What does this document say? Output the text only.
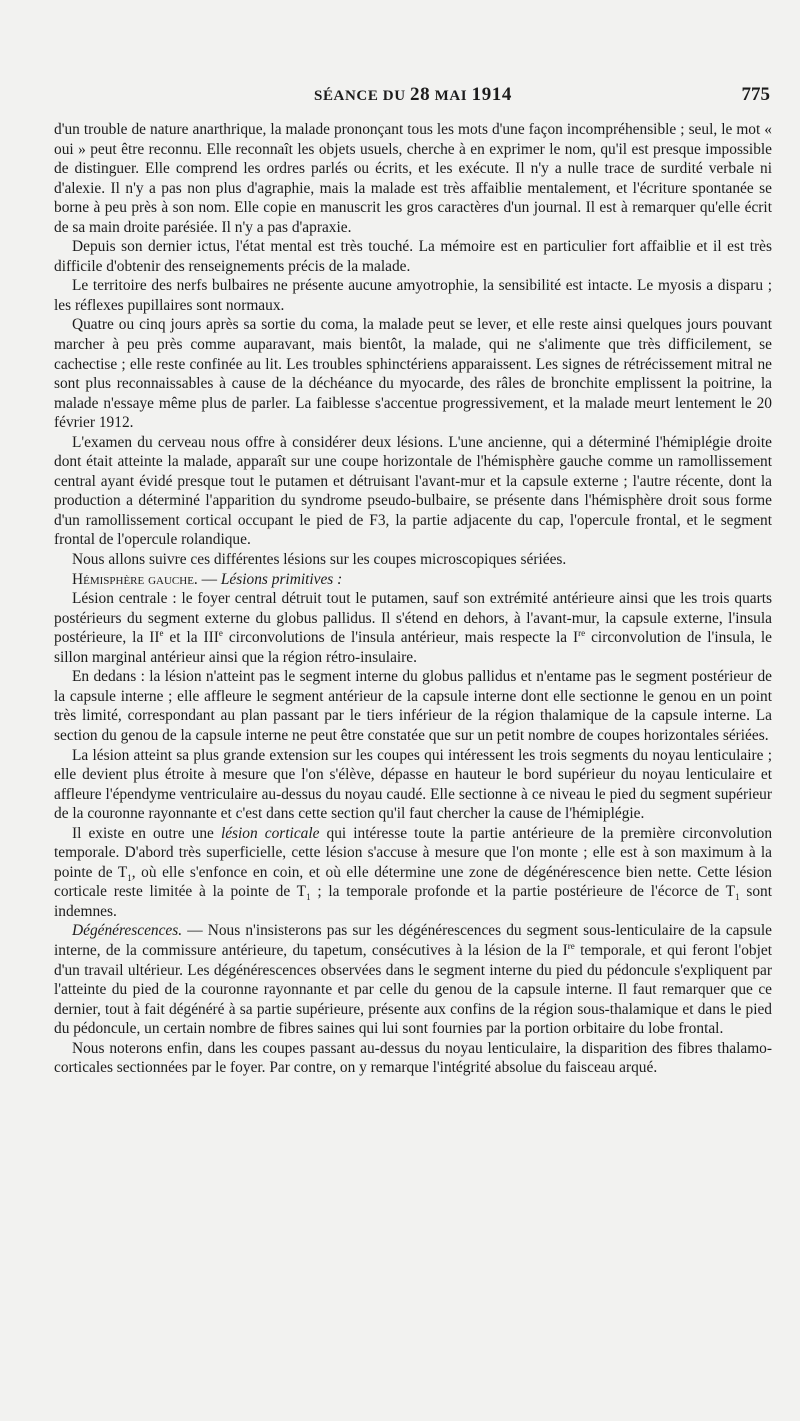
SÉANCE DU 28 MAI 1914	775

d'un trouble de nature anarthrique, la malade prononçant tous les mots d'une façon incompréhensible ; seul, le mot « oui » peut être reconnu. Elle reconnaît les objets usuels, cherche à en exprimer le nom, qu'il est presque impossible de distinguer. Elle comprend les ordres parlés ou écrits, et les exécute. Il n'y a nulle trace de surdité verbale ni d'alexie. Il n'y a pas non plus d'agraphie, mais la malade est très affaiblie mentalement, et l'écriture spontanée se borne à peu près à son nom. Elle copie en manuscrit les gros caractères d'un journal. Il est à remarquer qu'elle écrit de sa main droite parésiée. Il n'y a pas d'apraxie.

Depuis son dernier ictus, l'état mental est très touché. La mémoire est en particulier fort affaiblie et il est très difficile d'obtenir des renseignements précis de la malade.

Le territoire des nerfs bulbaires ne présente aucune amyotrophie, la sensibilité est intacte. Le myosis a disparu ; les réflexes pupillaires sont normaux.

Quatre ou cinq jours après sa sortie du coma, la malade peut se lever, et elle reste ainsi quelques jours pouvant marcher à peu près comme auparavant, mais bientôt, la malade, qui ne s'alimente que très difficilement, se cachectise ; elle reste confinée au lit. Les troubles sphinctériens apparaissent. Les signes de rétrécissement mitral ne sont plus reconnaissables à cause de la déchéance du myocarde, des râles de bronchite emplissent la poitrine, la malade n'essaye même plus de parler. La faiblesse s'accentue progressivement, et la malade meurt lentement le 20 février 1912.

L'examen du cerveau nous offre à considérer deux lésions. L'une ancienne, qui a déterminé l'hémiplégie droite dont était atteinte la malade, apparaît sur une coupe horizontale de l'hémisphère gauche comme un ramollissement central ayant évidé presque tout le putamen et détruisant l'avant-mur et la capsule externe ; l'autre récente, dont la production a déterminé l'apparition du syndrome pseudo-bulbaire, se présente dans l'hémisphère droit sous forme d'un ramollissement cortical occupant le pied de F3, la partie adjacente du cap, l'opercule frontal, et le segment frontal de l'opercule rolandique.

Nous allons suivre ces différentes lésions sur les coupes microscopiques sériées.

Hémisphère gauche. — Lésions primitives :

Lésion centrale : le foyer central détruit tout le putamen, sauf son extrémité antérieure ainsi que les trois quarts postérieurs du segment externe du globus pallidus. Il s'étend en dehors, à l'avant-mur, la capsule externe, l'insula postérieure, la IIe et la IIIe circonvolutions de l'insula antérieur, mais respecte la Ire circonvolution de l'insula, le sillon marginal antérieur ainsi que la région rétro-insulaire.

En dedans : la lésion n'atteint pas le segment interne du globus pallidus et n'entame pas le segment postérieur de la capsule interne ; elle affleure le segment antérieur de la capsule interne dont elle sectionne le genou en un point très limité, correspondant au plan passant par le tiers inférieur de la région thalamique de la capsule interne. La section du genou de la capsule interne ne peut être constatée que sur un petit nombre de coupes horizontales sériées.

La lésion atteint sa plus grande extension sur les coupes qui intéressent les trois segments du noyau lenticulaire ; elle devient plus étroite à mesure que l'on s'élève, dépasse en hauteur le bord supérieur du noyau lenticulaire et affleure l'épendyme ventriculaire au-dessus du noyau caudé. Elle sectionne à ce niveau le pied du segment supérieur de la couronne rayonnante et c'est dans cette section qu'il faut chercher la cause de l'hémiplégie.

Il existe en outre une lésion corticale qui intéresse toute la partie antérieure de la première circonvolution temporale. D'abord très superficielle, cette lésion s'accuse à mesure que l'on monte ; elle est à son maximum à la pointe de $T_1$, où elle s'enfonce en coin, et où elle détermine une zone de dégénérescence bien nette. Cette lésion corticale reste limitée à la pointe de $T_1$ ; la temporale profonde et la partie postérieure de l'écorce de $T_1$ sont indemnes.

Dégénérescences. — Nous n'insisterons pas sur les dégénérescences du segment sous-lenticulaire de la capsule interne, de la commissure antérieure, du tapetum, consécutives à la lésion de la Ire temporale, et qui feront l'objet d'un travail ultérieur. Les dégénérescences observées dans le segment interne du pied du pédoncule s'expliquent par l'atteinte du pied de la couronne rayonnante et par celle du genou de la capsule interne. Il faut remarquer que ce dernier, tout à fait dégénéré à sa partie supérieure, présente aux confins de la région sous-thalamique et dans le pied du pédoncule, un certain nombre de fibres saines qui lui sont fournies par la portion orbitaire du lobe frontal.

Nous noterons enfin, dans les coupes passant au-dessus du noyau lenticulaire, la disparition des fibres thalamo-corticales sectionnées par le foyer. Par contre, on y remarque l'intégrité absolue du faisceau arqué.
